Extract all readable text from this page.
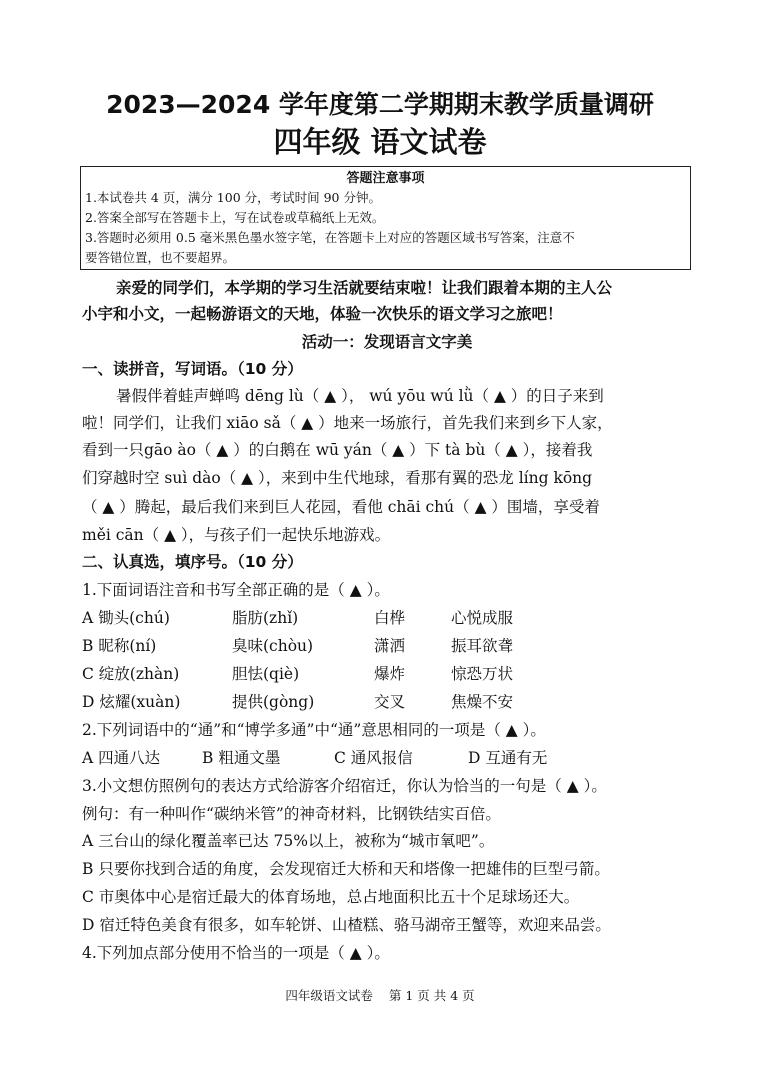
2023—2024 学年度第二学期期末教学质量调研
四年级 语文试卷
答题注意事项
1.本试卷共 4 页，满分 100 分，考试时间 90 分钟。
2.答案全部写在答题卡上，写在试卷或草稿纸上无效。
3.答题时必须用 0.5 毫米黑色墨水签字笔，在答题卡上对应的答题区域书写答案，注意不
要答错位置，也不要超界。
亲爱的同学们，本学期的学习生活就要结束啦！让我们跟着本期的主人公
小宇和小文，一起畅游语文的天地，体验一次快乐的语文学习之旅吧！
活动一：发现语言文字美
一、读拼音，写词语。（10 分）
暑假伴着蛙声蝉鸣 dēng lù（ ▲ ）， wú yōu wú lǜ（ ▲ ）的日子来到
啦！同学们，让我们 xiāo sǎ（ ▲ ）地来一场旅行，首先我们来到乡下人家，
看到一只gāo ào（ ▲ ）的白鹅在 wū yán（ ▲ ）下 tà bù（ ▲ ），接着我
们穿越时空 suì dào（ ▲ ），来到中生代地球，看那有翼的恐龙 líng kōng
（ ▲ ）腾起，最后我们来到巨人花园，看他 chāi chú（ ▲ ）围墙，享受着
měi cān（ ▲ ），与孩子们一起快乐地游戏。
二、认真选，填序号。（10 分）
1.下面词语注音和书写全部正确的是（ ▲ ）。
A 锄头(chú)	脂肪(zhǐ)	白桦	心悦成服
B 昵称(ní)	臭味(chòu)	潇洒	振耳欲聋
C 绽放(zhàn)	胆怯(qiè)	爆炸	惊恐万状
D 炫耀(xuàn)	提供(gòng)	交叉	焦燥不安
2.下列词语中的“通”和“博学多通”中“通”意思相同的一项是（ ▲ ）。
A 四通八达	B 粗通文墨	C 通风报信	D 互通有无
3.小文想仿照例句的表达方式给游客介绍宿迁，你认为恰当的一句是（ ▲ ）。
例句：有一种叫作“碳纳米管”的神奇材料，比钢铁结实百倍。
A 三台山的绿化覆盖率已达 75%以上，被称为“城市氧吧”。
B 只要你找到合适的角度，会发现宿迁大桥和天和塔像一把雄伟的巨型弓箭。
C 市奥体中心是宿迁最大的体育场地，总占地面积比五十个足球场还大。
D 宿迁特色美食有很多，如车轮饼、山楂糕、骆马湖帝王蟹等，欢迎来品尝。
4.下列加点部分使用不恰当的一项是（ ▲ ）。
四年级语文试卷 第 1 页 共 4 页
